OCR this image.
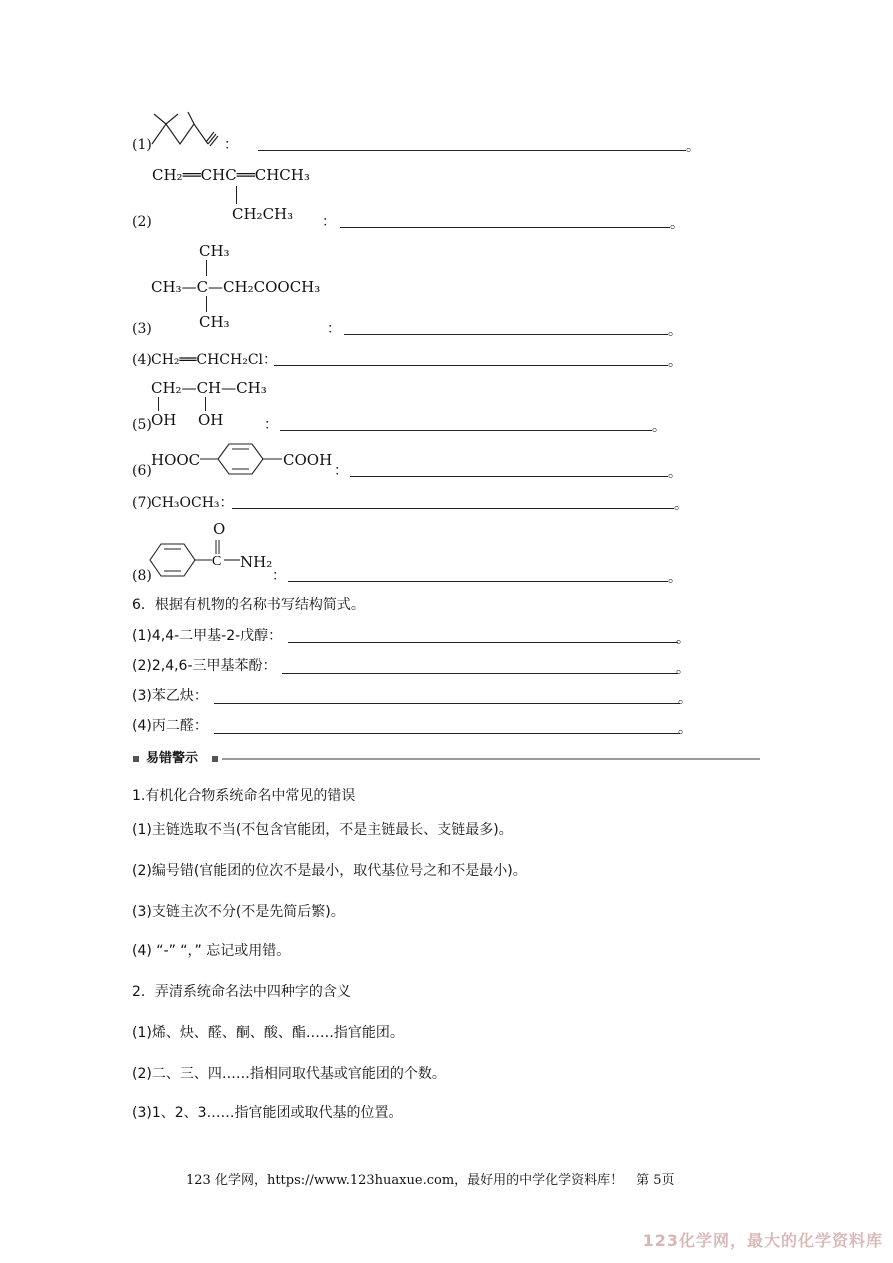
(1)	：	。
CH₂══CHC══CHCH₃
CH₂CH₃
(2)	：	。
CH₃
CH₃—C—CH₂COOCH₃
CH₃
(3)	：	。
(4) CH₂══CHCH₂Cl：	。
CH₂—CH—CH₃
OH OH
(5)	：	。
(6)
HOOC	COOH
：	。
(7) CH₃OCH₃：	。
O
C NH₂
(8)	：	。
6．根据有机物的名称书写结构简式。
(1)4,4-二甲基-2-戊醇：	。
(2)2,4,6-三甲基苯酚：	。
(3)苯乙炔：	。
(4)丙二醛：	。
易错警示
1.有机化合物系统命名中常见的错误
(1)主链选取不当(不包含官能团，不是主链最长、支链最多)。
(2)编号错(官能团的位次不是最小，取代基位号之和不是最小)。
(3)支链主次不分(不是先简后繁)。
(4) “-” “，” 忘记或用错。
2．弄清系统命名法中四种字的含义
(1)烯、炔、醛、酮、酸、酯……指官能团。
(2)二、三、四……指相同取代基或官能团的个数。
(3)1、2、3……指官能团或取代基的位置。
123 化学网，https://www.123huaxue.com，最好用的中学化学资料库！　第 5页
123化学网，最大的化学资料库
